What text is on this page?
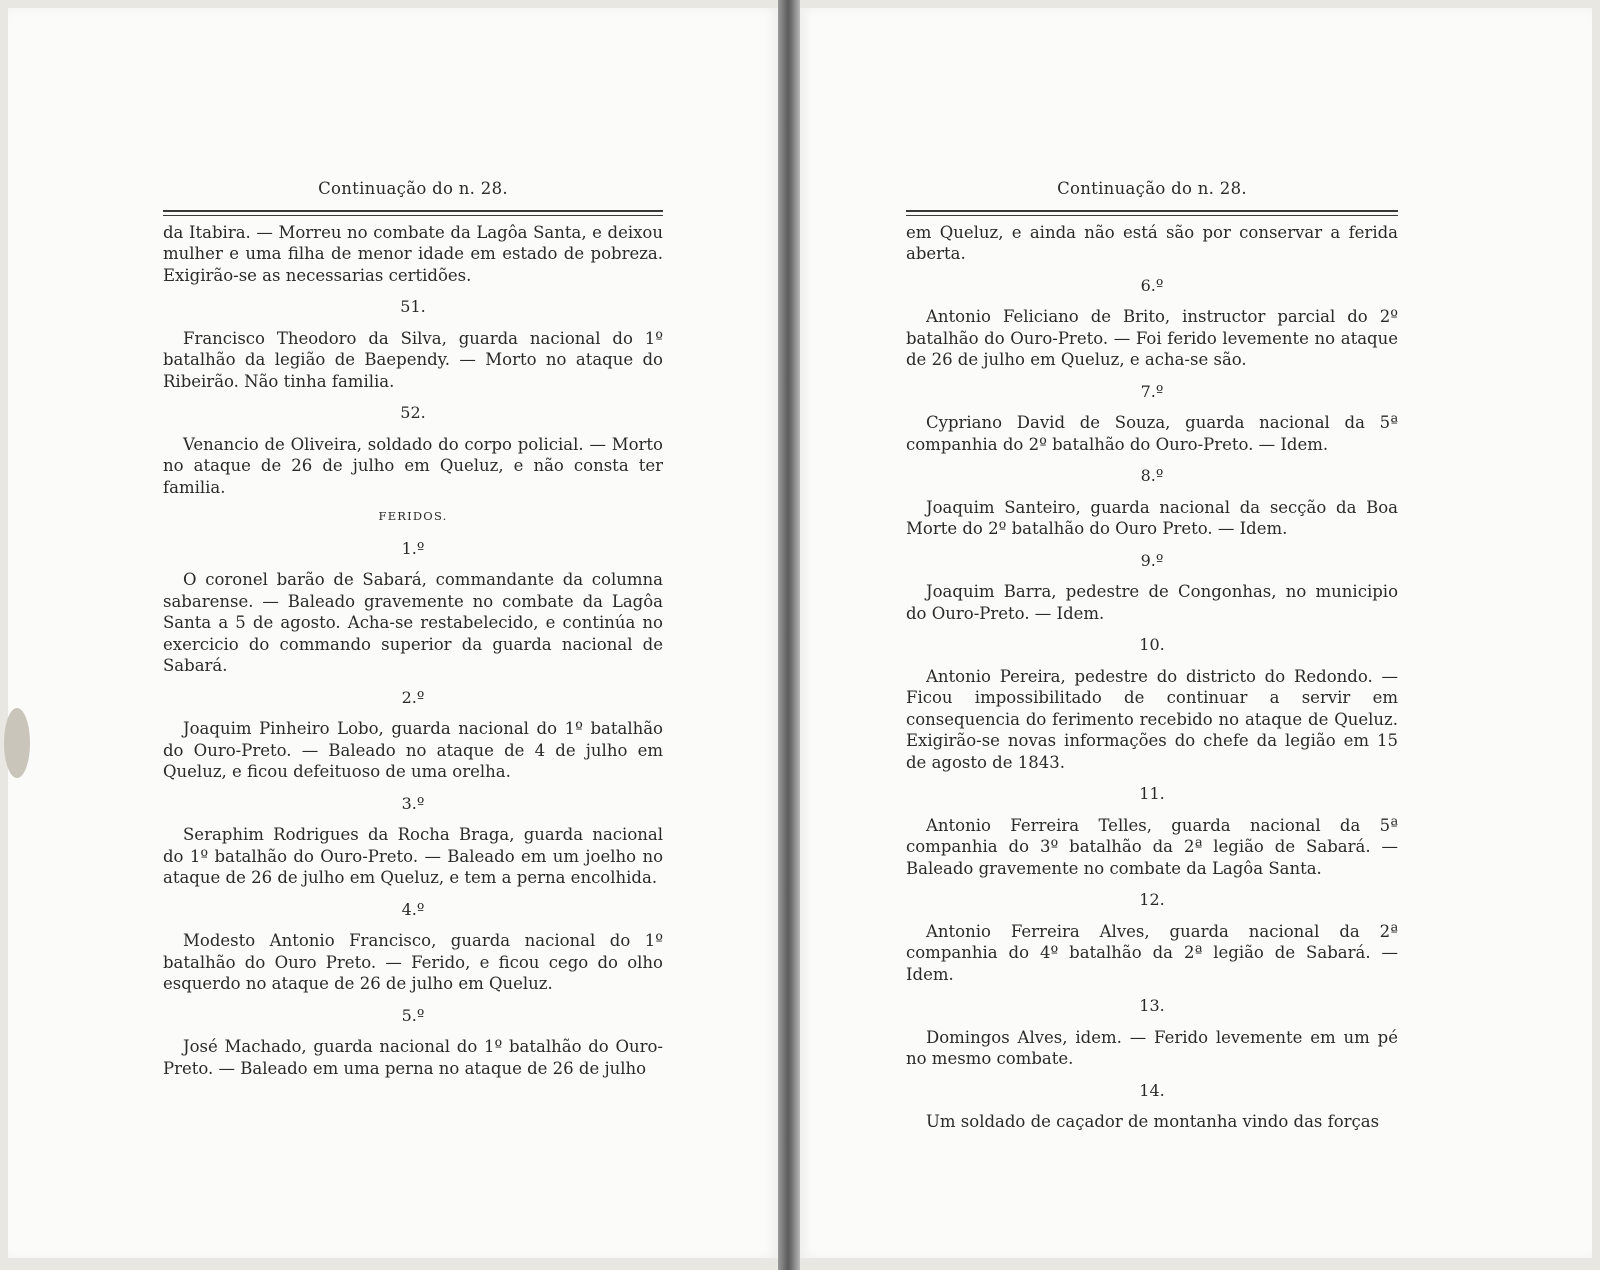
Continuação do n. 28.
da Itabira. — Morreu no combate da Lagôa Santa, e deixou mulher e uma filha de menor idade em estado de pobreza. Exigirão-se as necessarias certidões.
51.
Francisco Theodoro da Silva, guarda nacional do 1º batalhão da legião de Baependy. — Morto no ataque do Ribeirão. Não tinha familia.
52.
Venancio de Oliveira, soldado do corpo policial. — Morto no ataque de 26 de julho em Queluz, e não consta ter familia.
FERIDOS.
1.º
O coronel barão de Sabará, commandante da columna sabarense. — Baleado gravemente no combate da Lagôa Santa a 5 de agosto. Acha-se restabelecido, e continúa no exercicio do commando superior da guarda nacional de Sabará.
2.º
Joaquim Pinheiro Lobo, guarda nacional do 1º batalhão do Ouro-Preto. — Baleado no ataque de 4 de julho em Queluz, e ficou defeituoso de uma orelha.
3.º
Seraphim Rodrigues da Rocha Braga, guarda nacional do 1º batalhão do Ouro-Preto. — Baleado em um joelho no ataque de 26 de julho em Queluz, e tem a perna encolhida.
4.º
Modesto Antonio Francisco, guarda nacional do 1º batalhão do Ouro Preto. — Ferido, e ficou cego do olho esquerdo no ataque de 26 de julho em Queluz.
5.º
José Machado, guarda nacional do 1º batalhão do Ouro-Preto. — Baleado em uma perna no ataque de 26 de julho
Continuação do n. 28.
em Queluz, e ainda não está são por conservar a ferida aberta.
6.º
Antonio Feliciano de Brito, instructor parcial do 2º batalhão do Ouro-Preto. — Foi ferido levemente no ataque de 26 de julho em Queluz, e acha-se são.
7.º
Cypriano David de Souza, guarda nacional da 5ª companhia do 2º batalhão do Ouro-Preto. — Idem.
8.º
Joaquim Santeiro, guarda nacional da secção da Boa Morte do 2º batalhão do Ouro Preto. — Idem.
9.º
Joaquim Barra, pedestre de Congonhas, no municipio do Ouro-Preto. — Idem.
10.
Antonio Pereira, pedestre do districto do Redondo. — Ficou impossibilitado de continuar a servir em consequencia do ferimento recebido no ataque de Queluz. Exigirão-se novas informações do chefe da legião em 15 de agosto de 1843.
11.
Antonio Ferreira Telles, guarda nacional da 5ª companhia do 3º batalhão da 2ª legião de Sabará. — Baleado gravemente no combate da Lagôa Santa.
12.
Antonio Ferreira Alves, guarda nacional da 2ª companhia do 4º batalhão da 2ª legião de Sabará. — Idem.
13.
Domingos Alves, idem. — Ferido levemente em um pé no mesmo combate.
14.
Um soldado de caçador de montanha vindo das forças
